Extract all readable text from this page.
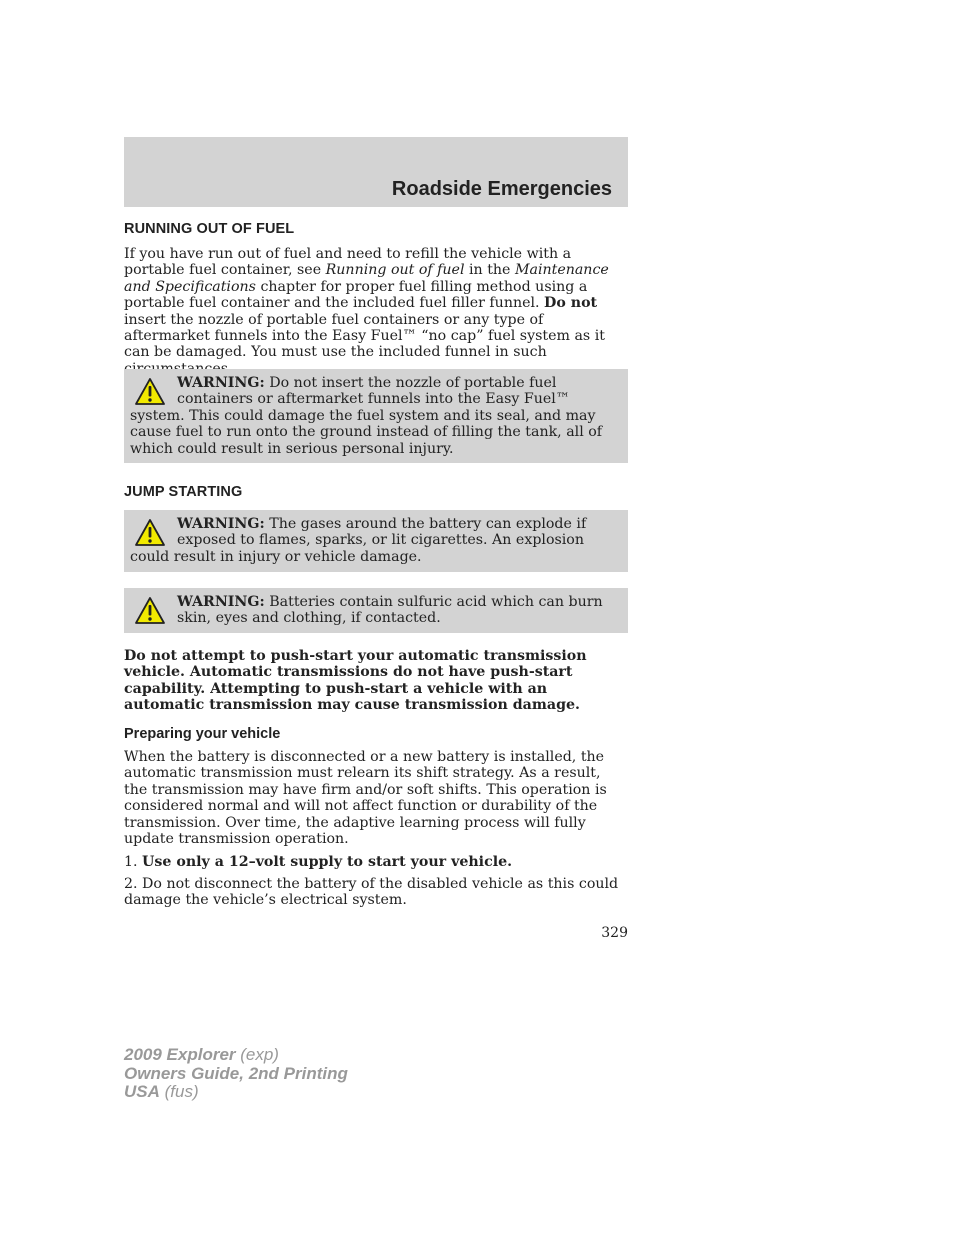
Roadside Emergencies
RUNNING OUT OF FUEL

If you have run out of fuel and need to refill the vehicle with a portable fuel container, see Running out of fuel in the Maintenance and Specifications chapter for proper fuel filling method using a portable fuel container and the included fuel filler funnel. Do not insert the nozzle of portable fuel containers or any type of aftermarket funnels into the Easy Fuel™ “no cap” fuel system as it can be damaged. You must use the included funnel in such

WARNING: Do not insert the nozzle of portable fuel containers or aftermarket funnels into the Easy Fuel™ system. This could damage the fuel system and its seal, and may cause fuel to run onto the ground instead of filling the tank, all of which could result in serious personal injury.

JUMP STARTING

WARNING: The gases around the battery can explode if exposed to flames, sparks, or lit cigarettes. An explosion could result in injury or vehicle damage.

WARNING: Batteries contain sulfuric acid which can burn skin, eyes and clothing, if contacted.

Do not attempt to push-start your automatic transmission vehicle. Automatic transmissions do not have push-start capability. Attempting to push-start a vehicle with an automatic transmission may cause transmission damage.

Preparing your vehicle

When the battery is disconnected or a new battery is installed, the automatic transmission must relearn its shift strategy. As a result, the transmission may have firm and/or soft shifts. This operation is considered normal and will not affect function or durability of the transmission. Over time, the adaptive learning process will fully update transmission operation.

1. Use only a 12–volt supply to start your vehicle.

2. Do not disconnect the battery of the disabled vehicle as this could damage the vehicle’s electrical system.

329
2009 Explorer (exp)
Owners Guide, 2nd Printing
USA (fus)
